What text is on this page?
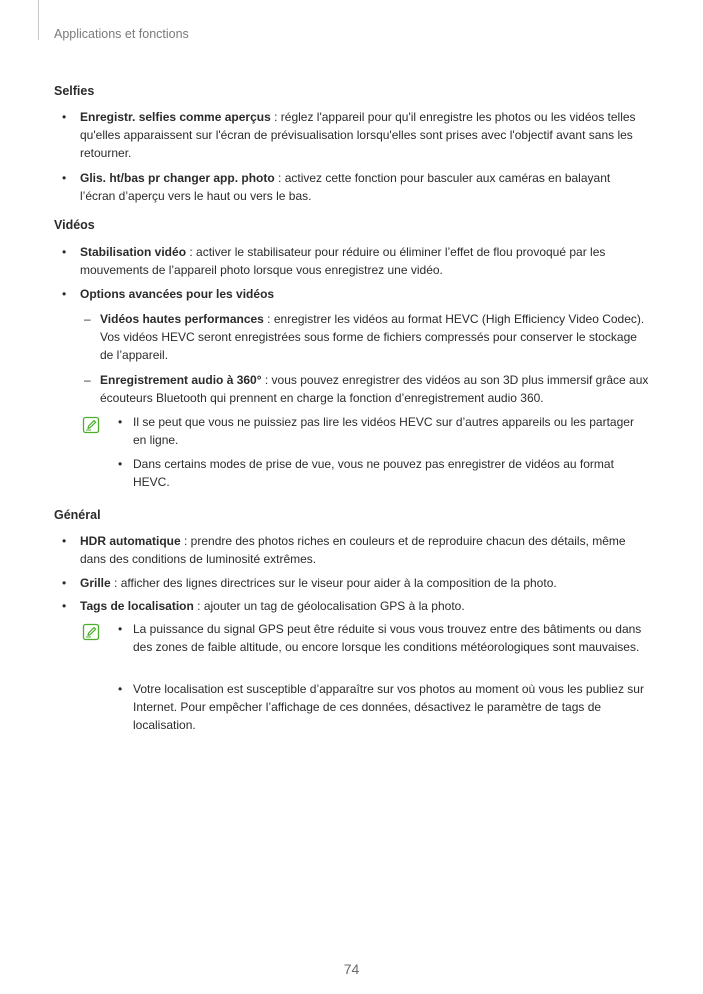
Applications et fonctions
Selfies
• Enregistr. selfies comme aperçus : réglez l'appareil pour qu'il enregistre les photos ou les vidéos telles qu'elles apparaissent sur l'écran de prévisualisation lorsqu'elles sont prises avec l'objectif avant sans les retourner.
• Glis. ht/bas pr changer app. photo : activez cette fonction pour basculer aux caméras en balayant l’écran d’aperçu vers le haut ou vers le bas.
Vidéos
• Stabilisation vidéo : activer le stabilisateur pour réduire ou éliminer l’effet de flou provoqué par les mouvements de l’appareil photo lorsque vous enregistrez une vidéo.
• Options avancées pour les vidéos
– Vidéos hautes performances : enregistrer les vidéos au format HEVC (High Efficiency Video Codec). Vos vidéos HEVC seront enregistrées sous forme de fichiers compressés pour conserver le stockage de l’appareil.
– Enregistrement audio à 360° : vous pouvez enregistrer des vidéos au son 3D plus immersif grâce aux écouteurs Bluetooth qui prennent en charge la fonction d’enregistrement audio 360.
• Il se peut que vous ne puissiez pas lire les vidéos HEVC sur d’autres appareils ou les partager en ligne.
• Dans certains modes de prise de vue, vous ne pouvez pas enregistrer de vidéos au format HEVC.
Général
• HDR automatique : prendre des photos riches en couleurs et de reproduire chacun des détails, même dans des conditions de luminosité extrêmes.
• Grille : afficher des lignes directrices sur le viseur pour aider à la composition de la photo.
• Tags de localisation : ajouter un tag de géolocalisation GPS à la photo.
• La puissance du signal GPS peut être réduite si vous vous trouvez entre des bâtiments ou dans des zones de faible altitude, ou encore lorsque les conditions météorologiques sont mauvaises.
• Votre localisation est susceptible d’apparaître sur vos photos au moment où vous les publiez sur Internet. Pour empêcher l’affichage de ces données, désactivez le paramètre de tags de localisation.
74
